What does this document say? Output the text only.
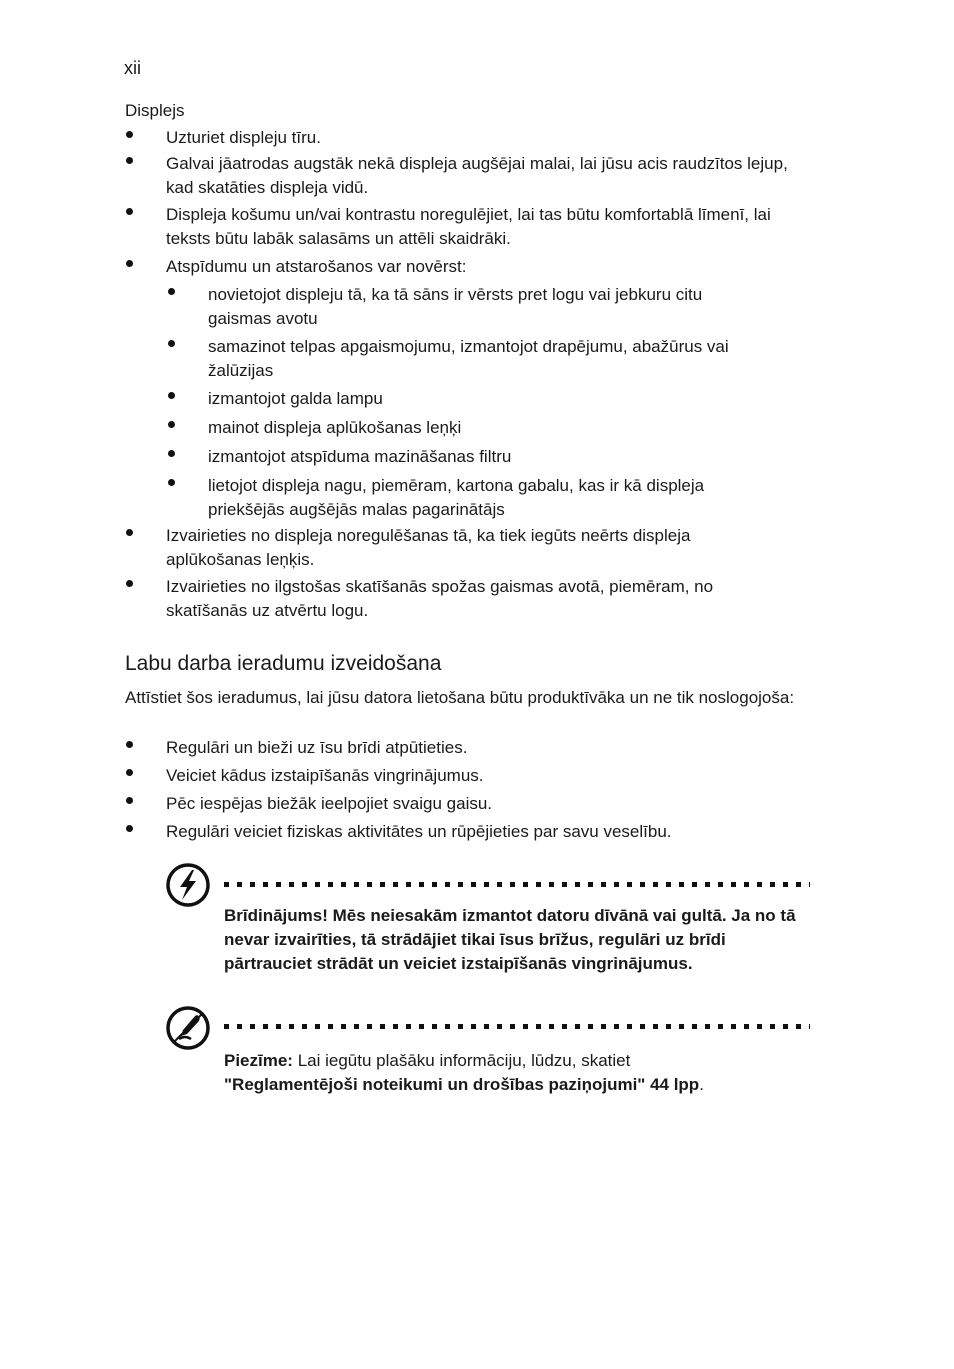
xii
Displejs
Uzturiet displeju tīru.
Galvai jāatrodas augstāk nekā displeja augšējai malai, lai jūsu acis raudzītos lejup, kad skatāties displeja vidū.
Displeja košumu un/vai kontrastu noregulējiet, lai tas būtu komfortablā līmenī, lai teksts būtu labāk salasāms un attēli skaidrāki.
Atspīdumu un atstarošanos var novērst:
novietojot displeju tā, ka tā sāns ir vērsts pret logu vai jebkuru citu gaismas avotu
samazinot telpas apgaismojumu, izmantojot drapējumu, abažūrus vai žalūzijas
izmantojot galda lampu
mainot displeja aplūkošanas leņķi
izmantojot atspīduma mazināšanas filtru
lietojot displeja nagu, piemēram, kartona gabalu, kas ir kā displeja priekšējās augšējās malas pagarinātājs
Izvairieties no displeja noregulēšanas tā, ka tiek iegūts neērts displeja aplūkošanas leņķis.
Izvairieties no ilgstošas skatīšanās spožas gaismas avotā, piemēram, no skatīšanās uz atvērtu logu.
Labu darba ieradumu izveidošana
Attīstiet šos ieradumus, lai jūsu datora lietošana būtu produktīvāka un ne tik noslogojoša:
Regulāri un bieži uz īsu brīdi atpūtieties.
Veiciet kādus izstaipīšanās vingrinājumus.
Pēc iespējas biežāk ieelpojiet svaigu gaisu.
Regulāri veiciet fiziskas aktivitātes un rūpējieties par savu veselību.
Brīdinājums! Mēs neiesakām izmantot datoru dīvānā vai gultā. Ja no tā nevar izvairīties, tā strādājiet tikai īsus brīžus, regulāri uz brīdi pārtrauciet strādāt un veiciet izstaipīšanās vingrinājumus.
Piezīme: Lai iegūtu plašāku informāciju, lūdzu, skatiet
"Reglamentējoši noteikumi un drošības paziņojumi" 44 lpp.
